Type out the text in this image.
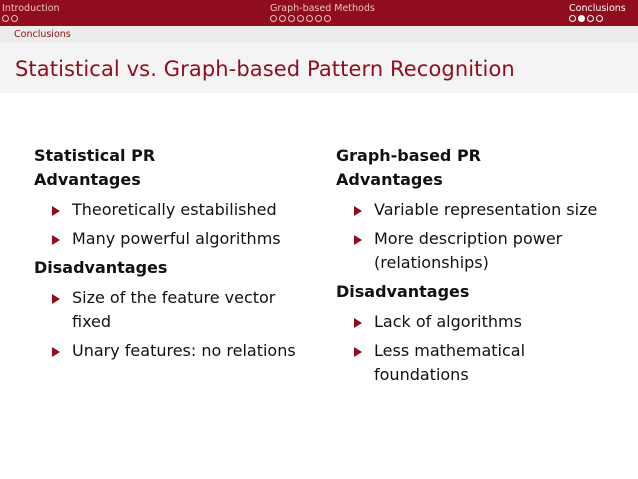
Introduction	Graph-based Methods	Conclusions
Conclusions
Statistical vs. Graph-based Pattern Recognition
Statistical PR
Advantages
Theoretically estabilished
Many powerful algorithms
Disadvantages
Size of the feature vector fixed
Unary features: no relations
Graph-based PR
Advantages
Variable representation size
More description power (relationships)
Disadvantages
Lack of algorithms
Less mathematical foundations
